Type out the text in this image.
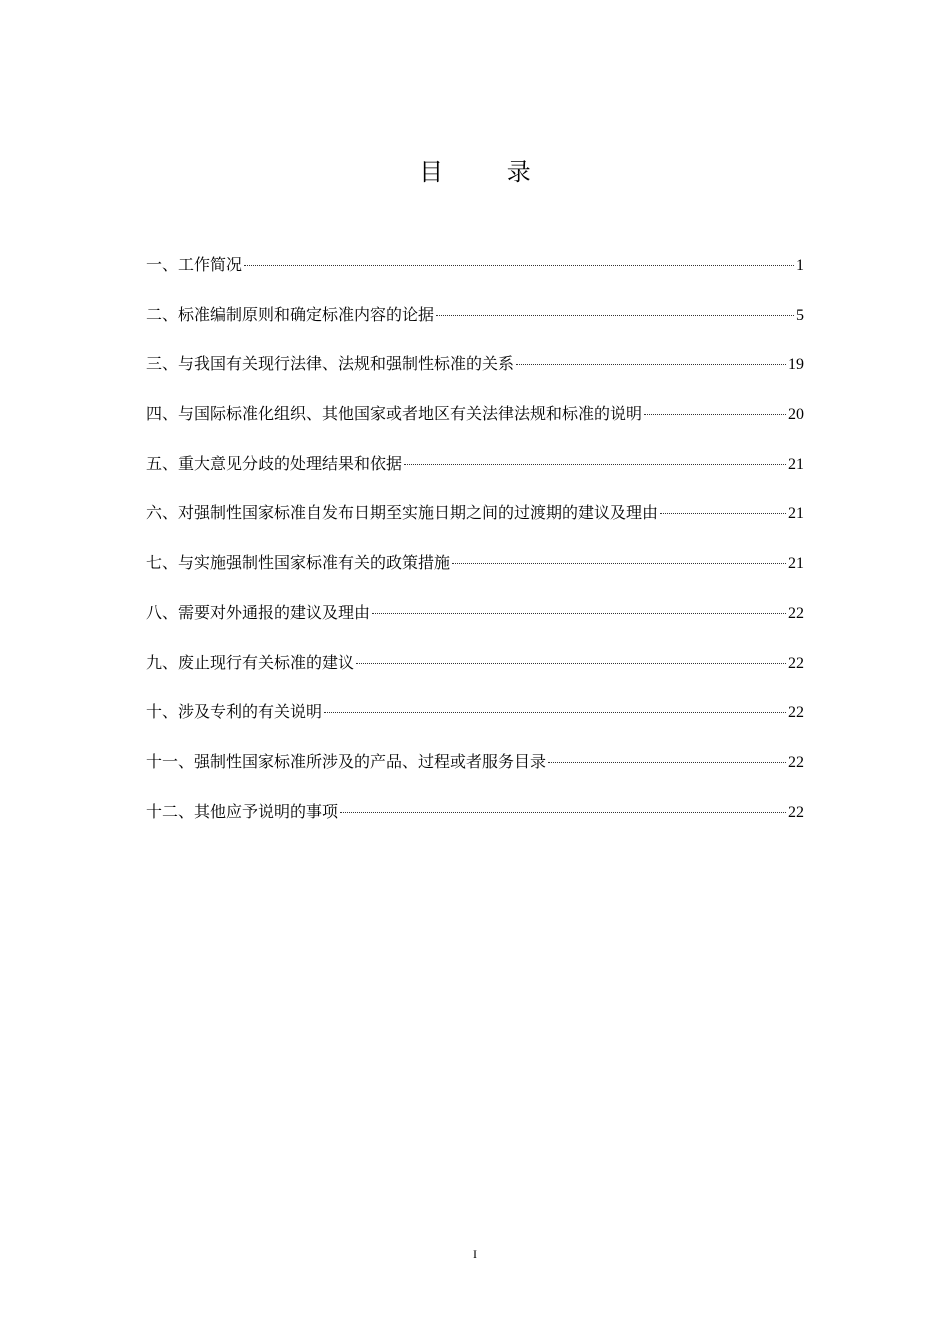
目 录
一、工作简况	1
二、标准编制原则和确定标准内容的论据	5
三、与我国有关现行法律、法规和强制性标准的关系	19
四、与国际标准化组织、其他国家或者地区有关法律法规和标准的说明	20
五、重大意见分歧的处理结果和依据	21
六、对强制性国家标准自发布日期至实施日期之间的过渡期的建议及理由	21
七、与实施强制性国家标准有关的政策措施	21
八、需要对外通报的建议及理由	22
九、废止现行有关标准的建议	22
十、涉及专利的有关说明	22
十一、强制性国家标准所涉及的产品、过程或者服务目录	22
十二、其他应予说明的事项	22
I
